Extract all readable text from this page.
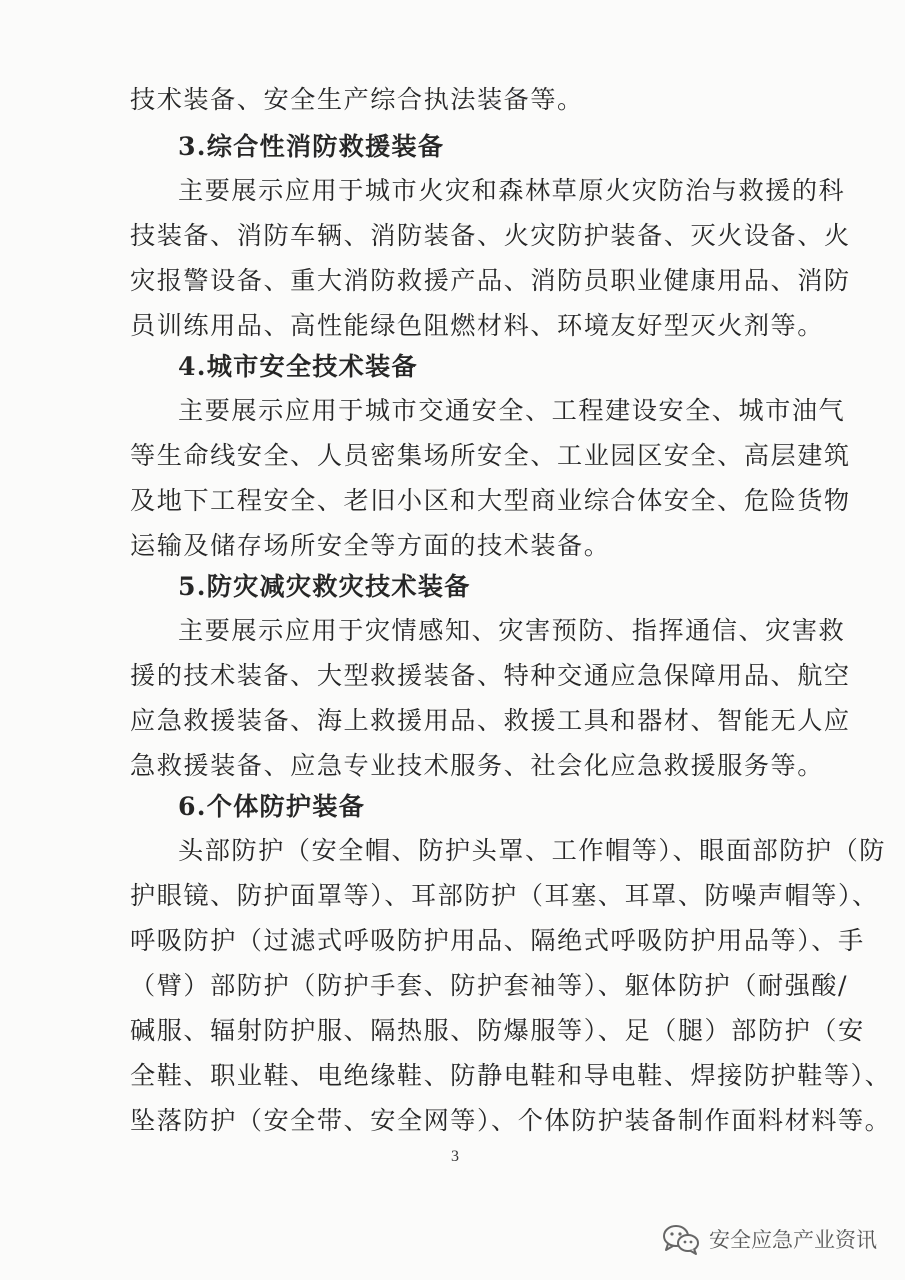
技术装备、安全生产综合执法装备等。
3.综合性消防救援装备
主要展示应用于城市火灾和森林草原火灾防治与救援的科
技装备、消防车辆、消防装备、火灾防护装备、灭火设备、火
灾报警设备、重大消防救援产品、消防员职业健康用品、消防
员训练用品、高性能绿色阻燃材料、环境友好型灭火剂等。
4.城市安全技术装备
主要展示应用于城市交通安全、工程建设安全、城市油气
等生命线安全、人员密集场所安全、工业园区安全、高层建筑
及地下工程安全、老旧小区和大型商业综合体安全、危险货物
运输及储存场所安全等方面的技术装备。
5.防灾减灾救灾技术装备
主要展示应用于灾情感知、灾害预防、指挥通信、灾害救
援的技术装备、大型救援装备、特种交通应急保障用品、航空
应急救援装备、海上救援用品、救援工具和器材、智能无人应
急救援装备、应急专业技术服务、社会化应急救援服务等。
6.个体防护装备
头部防护（安全帽、防护头罩、工作帽等）、眼面部防护（防
护眼镜、防护面罩等）、耳部防护（耳塞、耳罩、防噪声帽等）、
呼吸防护（过滤式呼吸防护用品、隔绝式呼吸防护用品等）、手
（臂）部防护（防护手套、防护套袖等）、躯体防护（耐强酸/
碱服、辐射防护服、隔热服、防爆服等）、足（腿）部防护（安
全鞋、职业鞋、电绝缘鞋、防静电鞋和导电鞋、焊接防护鞋等）、
坠落防护（安全带、安全网等）、个体防护装备制作面料材料等。
3
安全应急产业资讯
